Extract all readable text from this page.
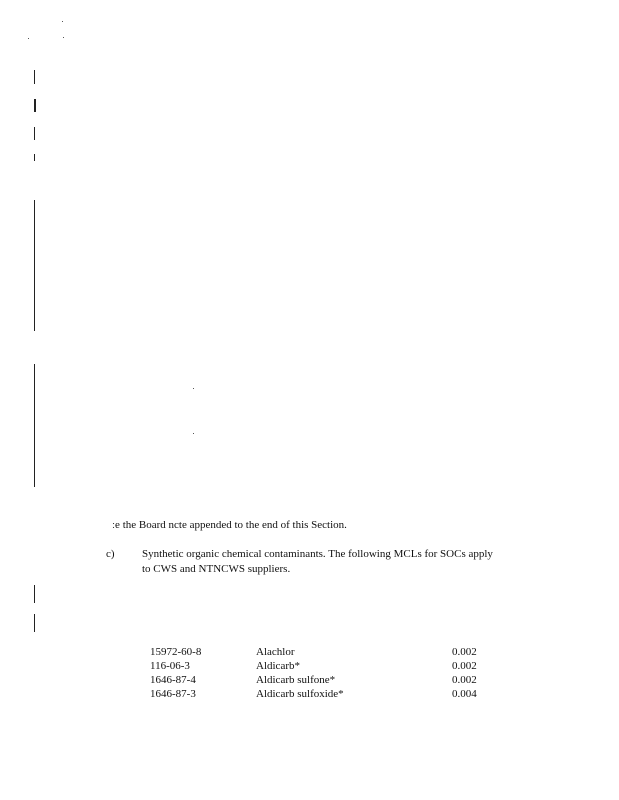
ːe the Board ncte appended to the end of this Section.
c) Synthetic organic chemical contaminants. The following MCLs for SOCs apply
to CWS and NTNCWS suppliers.
15972-60-8	Alachlor	0.002
116-06-3	Aldicarb*	0.002
1646-87-4	Aldicarb sulfone*	0.002
1646-87-3	Aldicarb sulfoxide*	0.004
